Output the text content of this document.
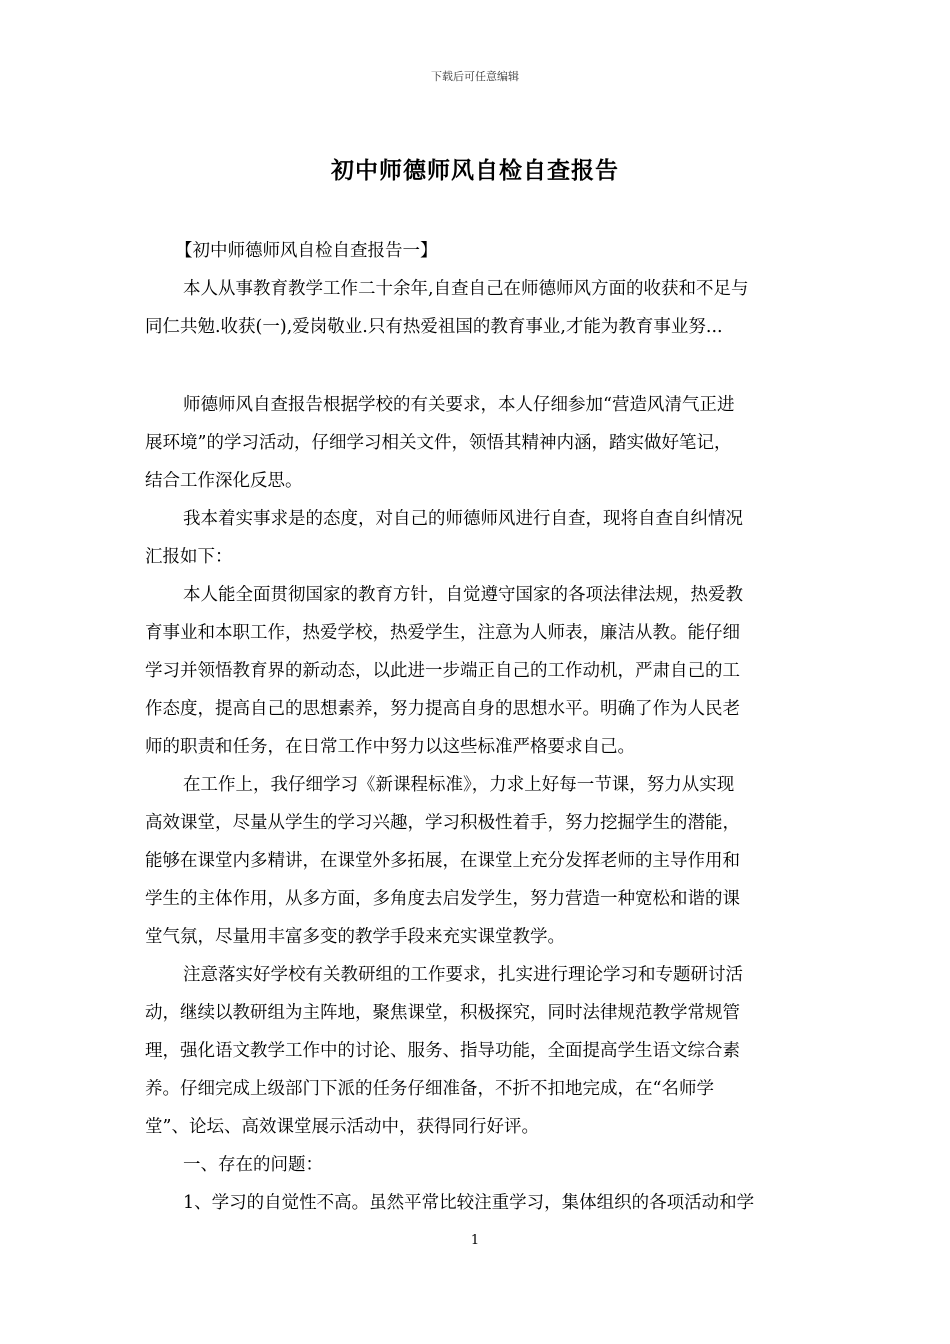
下载后可任意编辑
初中师德师风自检自查报告
【初中师德师风自检自查报告一】
本人从事教育教学工作二十余年,自查自己在师德师风方面的收获和不足与
同仁共勉.收获(一),爱岗敬业.只有热爱祖国的教育事业,才能为教育事业努...
师德师风自查报告根据学校的有关要求，本人仔细参加“营造风清气正进
展环境”的学习活动，仔细学习相关文件，领悟其精神内涵，踏实做好笔记，
结合工作深化反思。
我本着实事求是的态度，对自己的师德师风进行自查，现将自查自纠情况
汇报如下：
本人能全面贯彻国家的教育方针，自觉遵守国家的各项法律法规，热爱教
育事业和本职工作，热爱学校，热爱学生，注意为人师表，廉洁从教。能仔细
学习并领悟教育界的新动态，以此进一步端正自己的工作动机，严肃自己的工
作态度，提高自己的思想素养，努力提高自身的思想水平。明确了作为人民老
师的职责和任务，在日常工作中努力以这些标准严格要求自己。
在工作上，我仔细学习《新课程标准》，力求上好每一节课，努力从实现
高效课堂，尽量从学生的学习兴趣，学习积极性着手，努力挖掘学生的潜能，
能够在课堂内多精讲，在课堂外多拓展，在课堂上充分发挥老师的主导作用和
学生的主体作用，从多方面，多角度去启发学生，努力营造一种宽松和谐的课
堂气氛，尽量用丰富多变的教学手段来充实课堂教学。
注意落实好学校有关教研组的工作要求，扎实进行理论学习和专题研讨活
动，继续以教研组为主阵地，聚焦课堂，积极探究，同时法律规范教学常规管
理，强化语文教学工作中的讨论、服务、指导功能，全面提高学生语文综合素
养。仔细完成上级部门下派的任务仔细准备，不折不扣地完成，在“名师学
堂”、论坛、高效课堂展示活动中，获得同行好评。
一、存在的问题：
1、学习的自觉性不高。虽然平常比较注重学习，集体组织的各项活动和学
1
